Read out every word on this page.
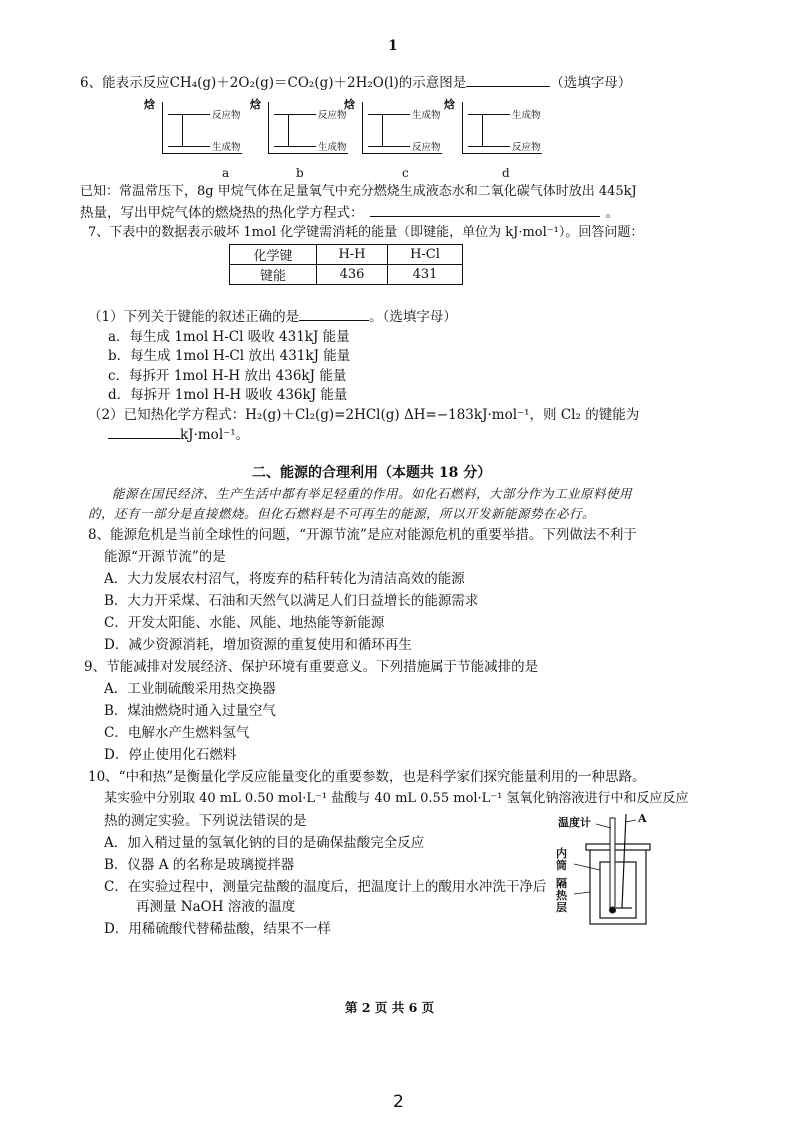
1
6、能表示反应CH₄(g)＋2O₂(g)＝CO₂(g)＋2H₂O(l)的示意图是	（选填字母）
焓
反应物
生成物
a
焓
反应物
生成物
b
焓
生成物
反应物
c
焓
生成物
反应物
d
已知：常温常压下，8g 甲烷气体在足量氧气中充分燃烧生成液态水和二氧化碳气体时放出 445kJ
热量，写出甲烷气体的燃烧热的热化学方程式：	。
7、下表中的数据表示破坏 1mol 化学键需消耗的能量（即键能，单位为 kJ·mol⁻¹）。回答问题：
化学键	H-H	H-Cl
键能	436	431
（1）下列关于键能的叙述正确的是	。（选填字母）
a．每生成 1mol H-Cl 吸收 431kJ 能量
b．每生成 1mol H-Cl 放出 431kJ 能量
c．每拆开 1mol H-H 放出 436kJ 能量
d．每拆开 1mol H-H 吸收 436kJ 能量
（2）已知热化学方程式：H₂(g)＋Cl₂(g)=2HCl(g) ΔH=−183kJ·mol⁻¹，则 Cl₂ 的键能为
kJ·mol⁻¹。
二、能源的合理利用（本题共 18 分）
能源在国民经济、生产生活中都有举足轻重的作用。如化石燃料，大部分作为工业原料使用
的，还有一部分是直接燃烧。但化石燃料是不可再生的能源，所以开发新能源势在必行。
8、能源危机是当前全球性的问题，“开源节流”是应对能源危机的重要举措。下列做法不利于
能源“开源节流”的是
A．大力发展农村沼气，将废弃的秸秆转化为清洁高效的能源
B．大力开采煤、石油和天然气以满足人们日益增长的能源需求
C．开发太阳能、水能、风能、地热能等新能源
D．减少资源消耗，增加资源的重复使用和循环再生
9、节能减排对发展经济、保护环境有重要意义。下列措施属于节能减排的是
A．工业制硫酸采用热交换器
B．煤油燃烧时通入过量空气
C．电解水产生燃料氢气
D．停止使用化石燃料
10、“中和热”是衡量化学反应能量变化的重要参数，也是科学家们探究能量利用的一种思路。
某实验中分别取 40 mL 0.50 mol·L⁻¹ 盐酸与 40 mL 0.55 mol·L⁻¹ 氢氧化钠溶液进行中和反应反应
热的测定实验。下列说法错误的是
A．加入稍过量的氢氧化钠的目的是确保盐酸完全反应
B．仪器 A 的名称是玻璃搅拌器
C．在实验过程中，测量完盐酸的温度后，把温度计上的酸用水冲洗干净后
再测量 NaOH 溶液的温度
D．用稀硫酸代替稀盐酸，结果不一样
温度计	A
内筒
隔热层
第 2 页 共 6 页
2
